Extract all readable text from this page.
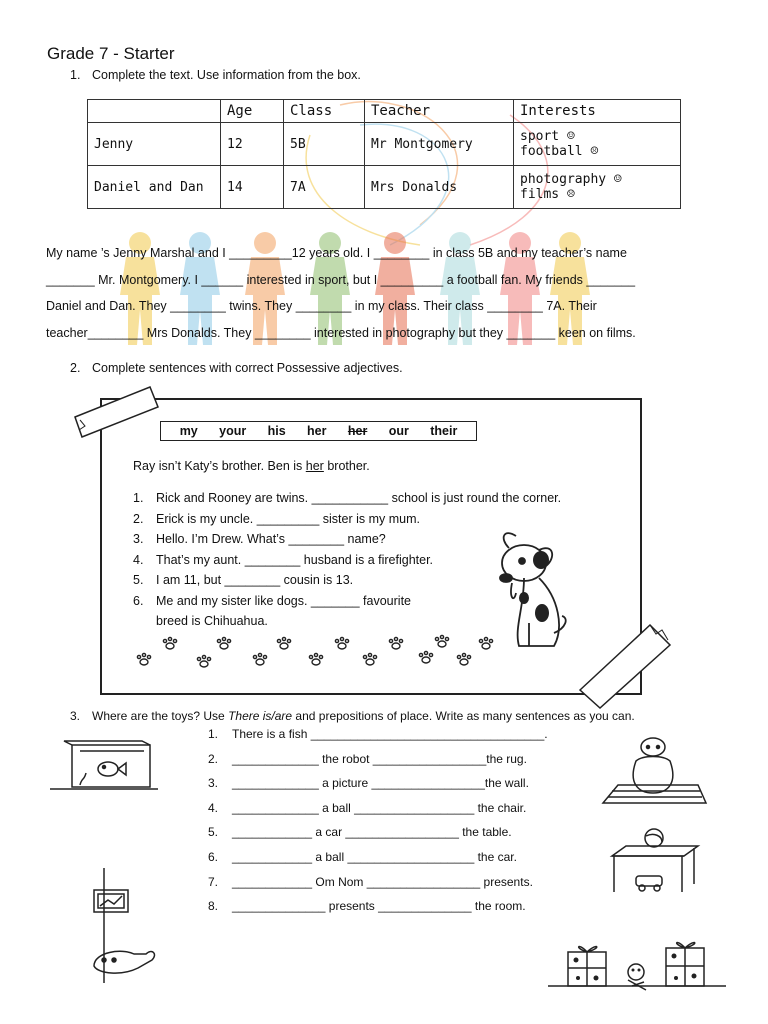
Grade 7 - Starter
1. Complete the text. Use information from the box.
	Age	Class	Teacher	Interests
Jenny	12	5B	Mr Montgomery	sport ☺
football ☹

Daniel and Dan	14	7A	Mrs Donalds	photography ☺
films ☹
My name ’s Jenny Marshal and I _________12 years old. I ________ in class 5B and my teacher’s name
_______ Mr. Montgomery. I ______ interested in sport, but I _________ a football fan. My friends _______
Daniel and Dan. They ________ twins. They ________ in my class. Their class ________ 7A. Their
teacher________ Mrs Donalds. They ________ interested in photography but they _______ keen on films.
2. Complete sentences with correct Possessive adjectives.
my your his her her our their
Ray isn’t Katy’s brother. Ben is her brother.
1. Rick and Rooney are twins. ___________ school is just round the corner.
2. Erick is my uncle. _________ sister is my mum.
3. Hello. I’m Drew. What’s ________ name?
4. That’s my aunt. ________ husband is a firefighter.
5. I am 11, but ________ cousin is 13.
6. Me and my sister like dogs. _______ favourite
breed is Chihuahua.
3. Where are the toys? Use There is/are and prepositions of place. Write as many sentences as you can.
1. There is a fish ___________________________________.
2. _____________ the robot _________________the rug.
3. _____________ a picture _________________the wall.
4. _____________ a ball __________________ the chair.
5. ____________ a car _________________ the table.
6. ____________ a ball ___________________ the car.
7. ____________ Om Nom _________________ presents.
8. ______________ presents ______________ the room.
